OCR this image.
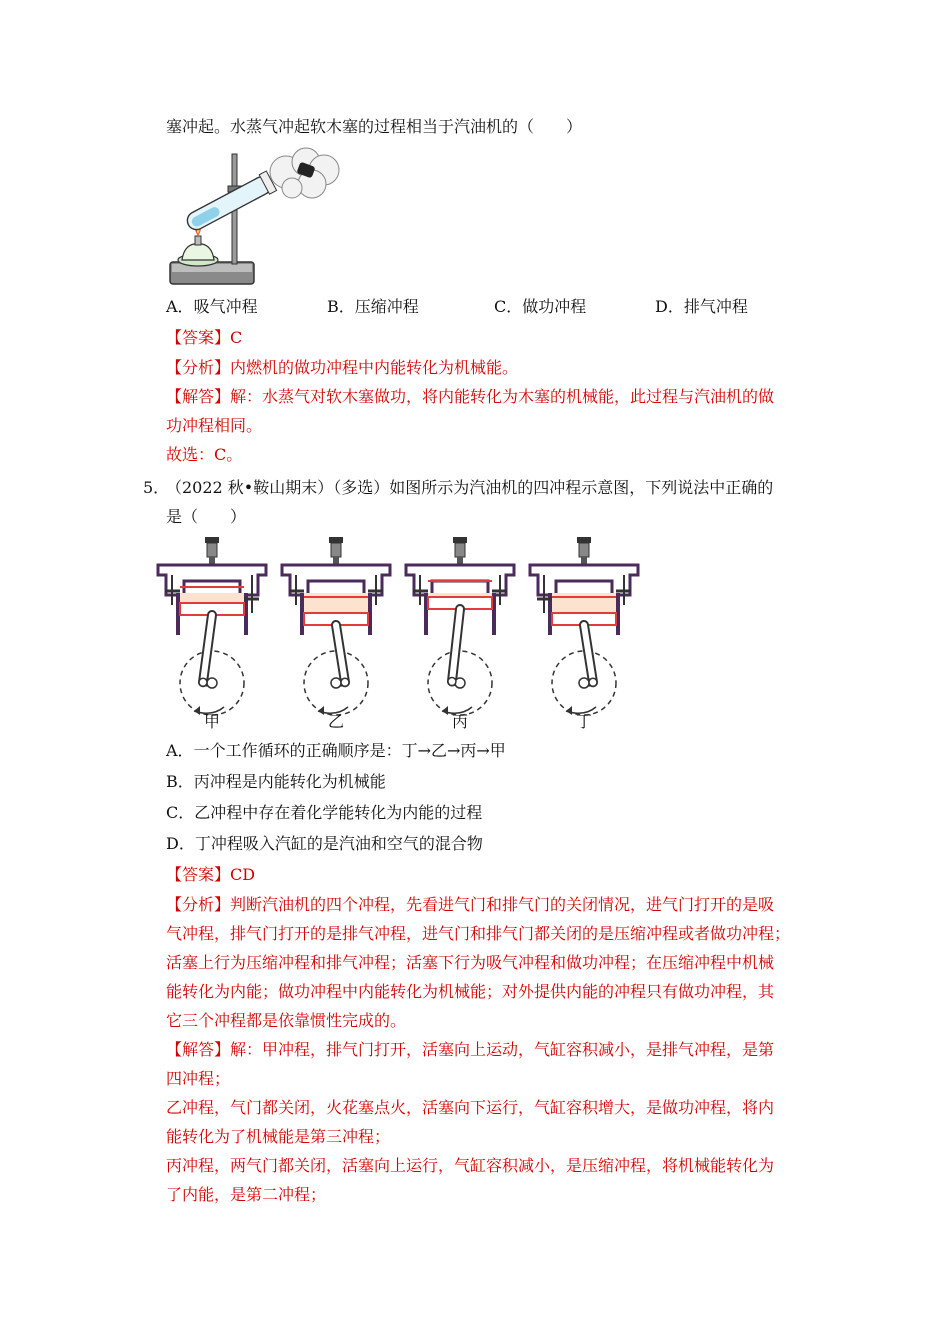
塞冲起。水蒸气冲起软木塞的过程相当于汽油机的（　　）
A．吸气冲程	B．压缩冲程	C．做功冲程	D．排气冲程
【答案】C
【分析】内燃机的做功冲程中内能转化为机械能。
【解答】解：水蒸气对软木塞做功，将内能转化为木塞的机械能，此过程与汽油机的做
功冲程相同。
故选：C。
5．
（2022 秋•鞍山期末）（多选）如图所示为汽油机的四冲程示意图，下列说法中正确的
是（　　）
甲	乙	丙	丁
A．一个工作循环的正确顺序是：丁→乙→丙→甲
B．丙冲程是内能转化为机械能
C．乙冲程中存在着化学能转化为内能的过程
D．丁冲程吸入汽缸的是汽油和空气的混合物
【答案】CD
【分析】判断汽油机的四个冲程，先看进气门和排气门的关闭情况，进气门打开的是吸
气冲程，排气门打开的是排气冲程，进气门和排气门都关闭的是压缩冲程或者做功冲程；
活塞上行为压缩冲程和排气冲程；活塞下行为吸气冲程和做功冲程；在压缩冲程中机械
能转化为内能；做功冲程中内能转化为机械能；对外提供内能的冲程只有做功冲程，其
它三个冲程都是依靠惯性完成的。
【解答】解：甲冲程，排气门打开，活塞向上运动，气缸容积减小，是排气冲程，是第
四冲程；
乙冲程，气门都关闭，火花塞点火，活塞向下运行，气缸容积增大，是做功冲程，将内
能转化为了机械能是第三冲程；
丙冲程，两气门都关闭，活塞向上运行，气缸容积减小，是压缩冲程，将机械能转化为
了内能，是第二冲程；
